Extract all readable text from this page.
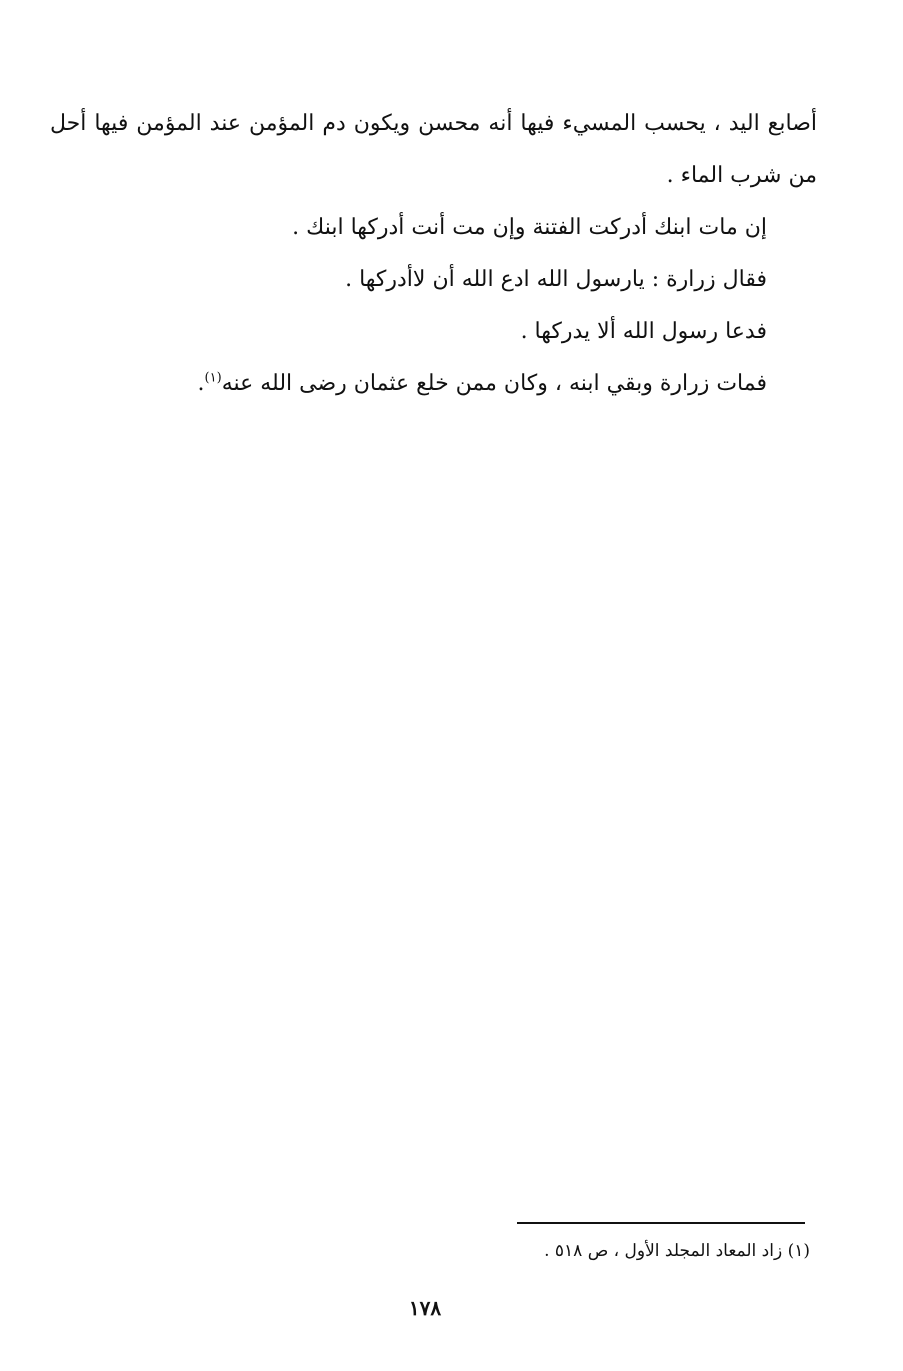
أصابع اليد ، يحسب المسيء فيها أنه محسن ويكون دم المؤمن عند المؤمن فيها أحل من شرب الماء .

إن مات ابنك أدركت الفتنة وإن مت أنت أدركها ابنك .

فقال زرارة : يارسول الله ادع الله أن لاأدركها .

فدعا رسول الله ألا يدركها .

فمات زرارة وبقي ابنه ، وكان ممن خلع عثمان رضى الله عنه$^{(١)}$.

(١) زاد المعاد المجلد الأول ، ص ٥١٨ .
١٧٨
